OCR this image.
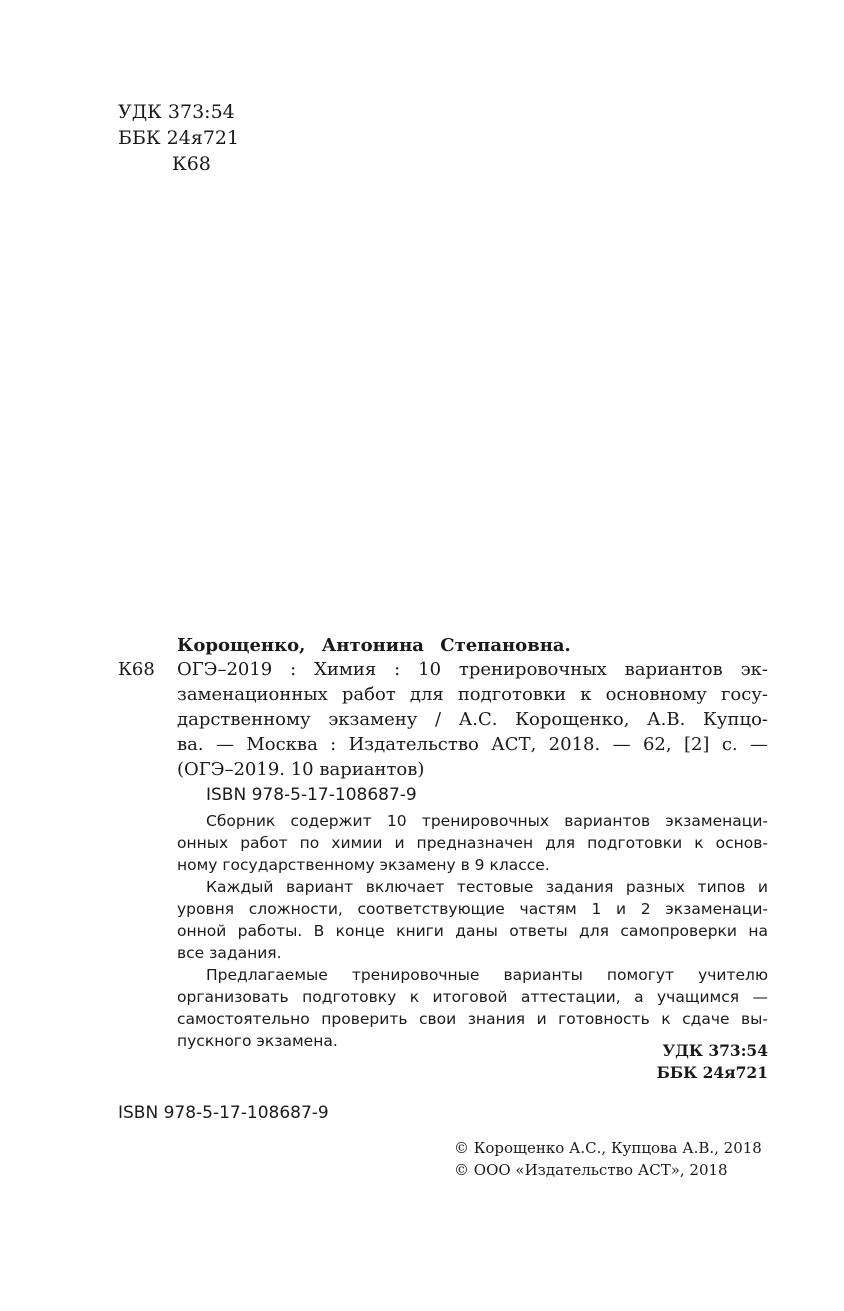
УДК 373:54
ББК 24я721
К68
Корощенко, Антонина Степановна.
К68 ОГЭ–2019 : Химия : 10 тренировочных вариантов эк-
заменационных работ для подготовки к основному госу-
дарственному экзамену / А.С. Корощенко, А.В. Купцо-
ва. — Москва : Издательство АСТ, 2018. — 62, [2] с. —
(ОГЭ–2019. 10 вариантов)
ISBN 978-5-17-108687-9
Сборник содержит 10 тренировочных вариантов экзаменаци-
онных работ по химии и предназначен для подготовки к основ-
ному государственному экзамену в 9 классе.
Каждый вариант включает тестовые задания разных типов и
уровня сложности, соответствующие частям 1 и 2 экзаменаци-
онной работы. В конце книги даны ответы для самопроверки на
все задания.
Предлагаемые тренировочные варианты помогут учителю
организовать подготовку к итоговой аттестации, а учащимся —
самостоятельно проверить свои знания и готовность к сдаче вы-
пускного экзамена.	УДК 373:54
ББК 24я721
ISBN 978-5-17-108687-9
© Корощенко А.С., Купцова А.В., 2018
© ООО «Издательство АСТ», 2018
